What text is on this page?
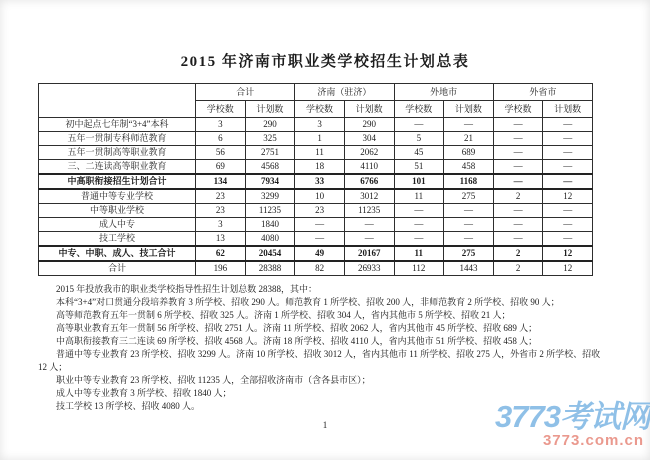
2015 年济南市职业类学校招生计划总表
	合计		济南（驻济）		外地市		外省市	
	学校数	计划数	学校数	计划数	学校数	计划数	学校数	计划数
初中起点七年制“3+4”本科	3	290	3	290	—	—	—	—
五年一贯制专科师范教育	6	325	1	304	5	21	—	—
五年一贯制高等职业教育	56	2751	11	2062	45	689	—	—
三、二连读高等职业教育	69	4568	18	4110	51	458	—	—
中高职衔接招生计划合计	134	7934	33	6766	101	1168	—	—
普通中等专业学校	23	3299	10	3012	11	275	2	12
中等职业学校	23	11235	23	11235	—	—	—	—
成人中专	3	1840	—	—	—	—	—	—
技工学校	13	4080	—	—	—	—	—	—
中专、中职、成人、技工合计	62	20454	49	20167	11	275	2	12
合计	196	28388	82	26933	112	1443	2	12
2015 年投放我市的职业类学校指导性招生计划总数 28388，其中：
本科“3+4”对口贯通分段培养教育 3 所学校、招收 290 人。师范教育 1 所学校、招收 200 人，非师范教育 2 所学校、招收 90 人；
高等师范教育五年一贯制 6 所学校、招收 325 人。济南 1 所学校、招收 304 人，省内其他市 5 所学校、招收 21 人；
高等职业教育五年一贯制 56 所学校、招收 2751 人。济南 11 所学校、招收 2062 人，省内其他市 45 所学校、招收 689 人；
中高职衔接教育三二连读 69 所学校、招收 4568 人。济南 18 所学校、招收 4110 人，省内其他市 51 所学校、招收 458 人；
普通中等专业教育 23 所学校、招收 3299 人。济南 10 所学校、招收 3012 人，省内其他市 11 所学校、招收 275 人，外省市 2 所学校、招收
12 人；
职业中等专业教育 23 所学校、招收 11235 人，全部招收济南市（含各县市区）；
成人中等专业教育 3 所学校、招收 1840 人；
技工学校 13 所学校、招收 4080 人。
1	3773考试网
3773.com.cn
